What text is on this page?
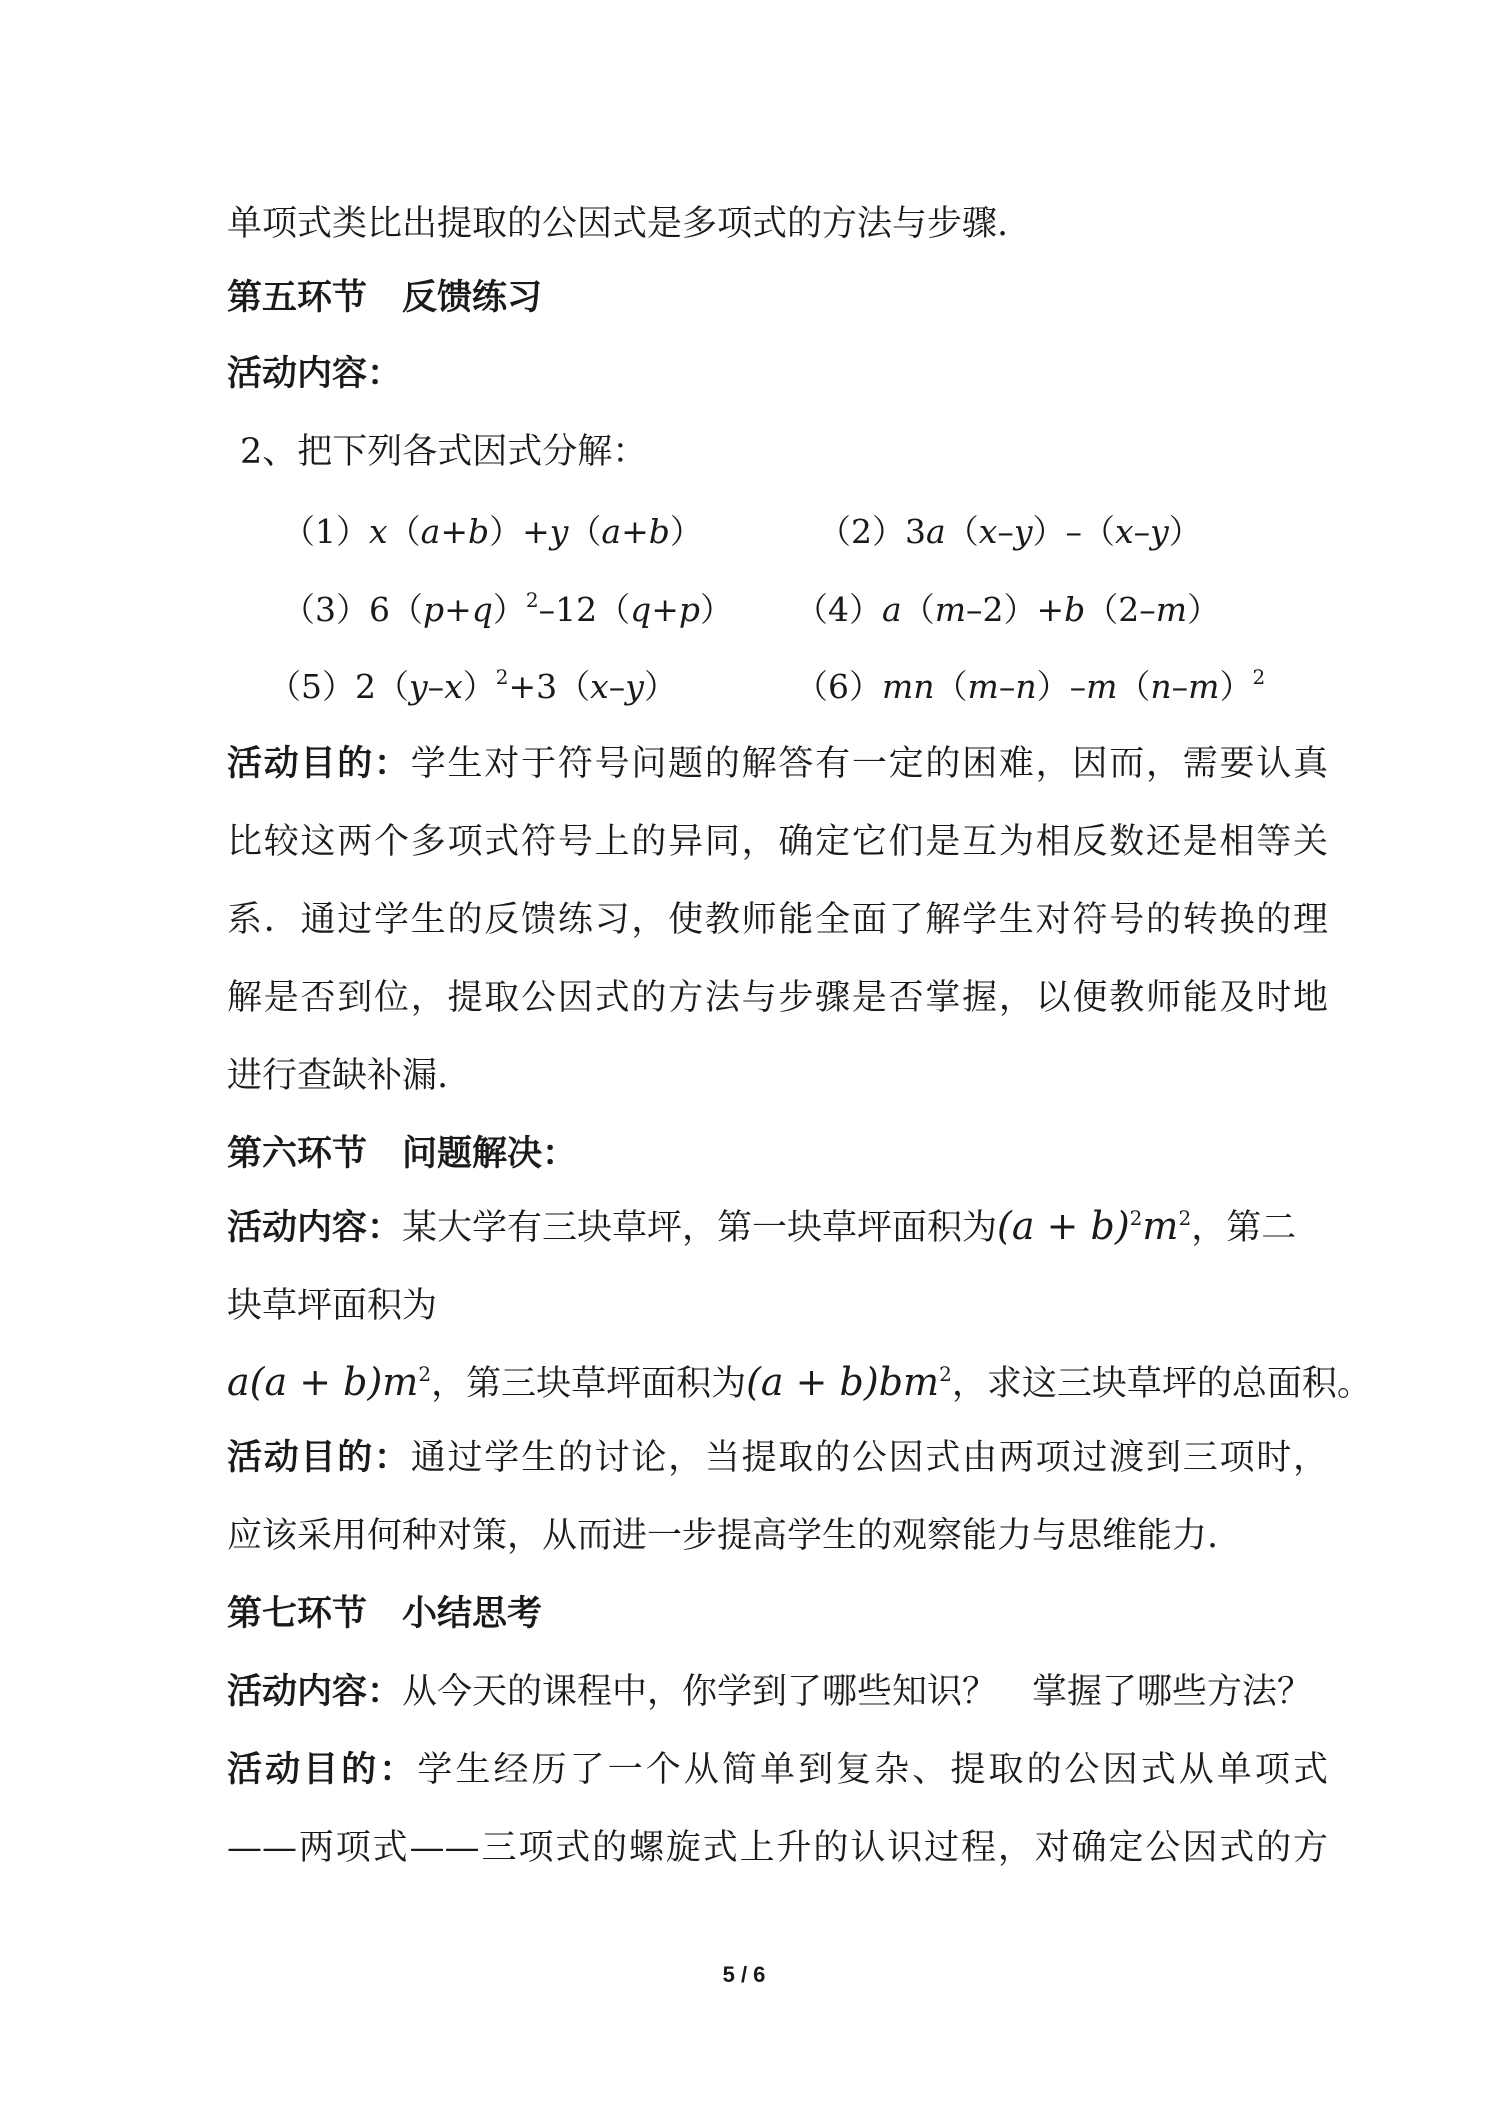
单项式类比出提取的公因式是多项式的方法与步骤.
第五环节　反馈练习
活动内容：
2、把下列各式因式分解：
（1）x（a+b）+y（a+b）	（2）3a（x–y）–（x–y）
$(3)6(p+q)^2-12(q+p)$ （4）a（m–2）+b（2–m）
$(5)2(y-x)^2+3(x-y)$	$(6)mn(m-n)-m(n-m)^2$
活动目的：学生对于符号问题的解答有一定的困难，因而，需要认真
比较这两个多项式符号上的异同，确定它们是互为相反数还是相等关
系．通过学生的反馈练习，使教师能全面了解学生对符号的转换的理
解是否到位，提取公因式的方法与步骤是否掌握，以便教师能及时地
进行查缺补漏.
第六环节　问题解决：
活动内容：某大学有三块草坪，第一块草坪面积为$(a + b)^2m^2$，第二
块草坪面积为
$a(a + b)m^2$，第三块草坪面积为$(a + b)bm^2$，求这三块草坪的总面积。
活动目的：通过学生的讨论，当提取的公因式由两项过渡到三项时，
应该采用何种对策，从而进一步提高学生的观察能力与思维能力.
第七环节　小结思考
活动内容：从今天的课程中，你学到了哪些知识？　掌握了哪些方法？
活动目的：学生经历了一个从简单到复杂、提取的公因式从单项式
——两项式——三项式的螺旋式上升的认识过程，对确定公因式的方
5 / 6
